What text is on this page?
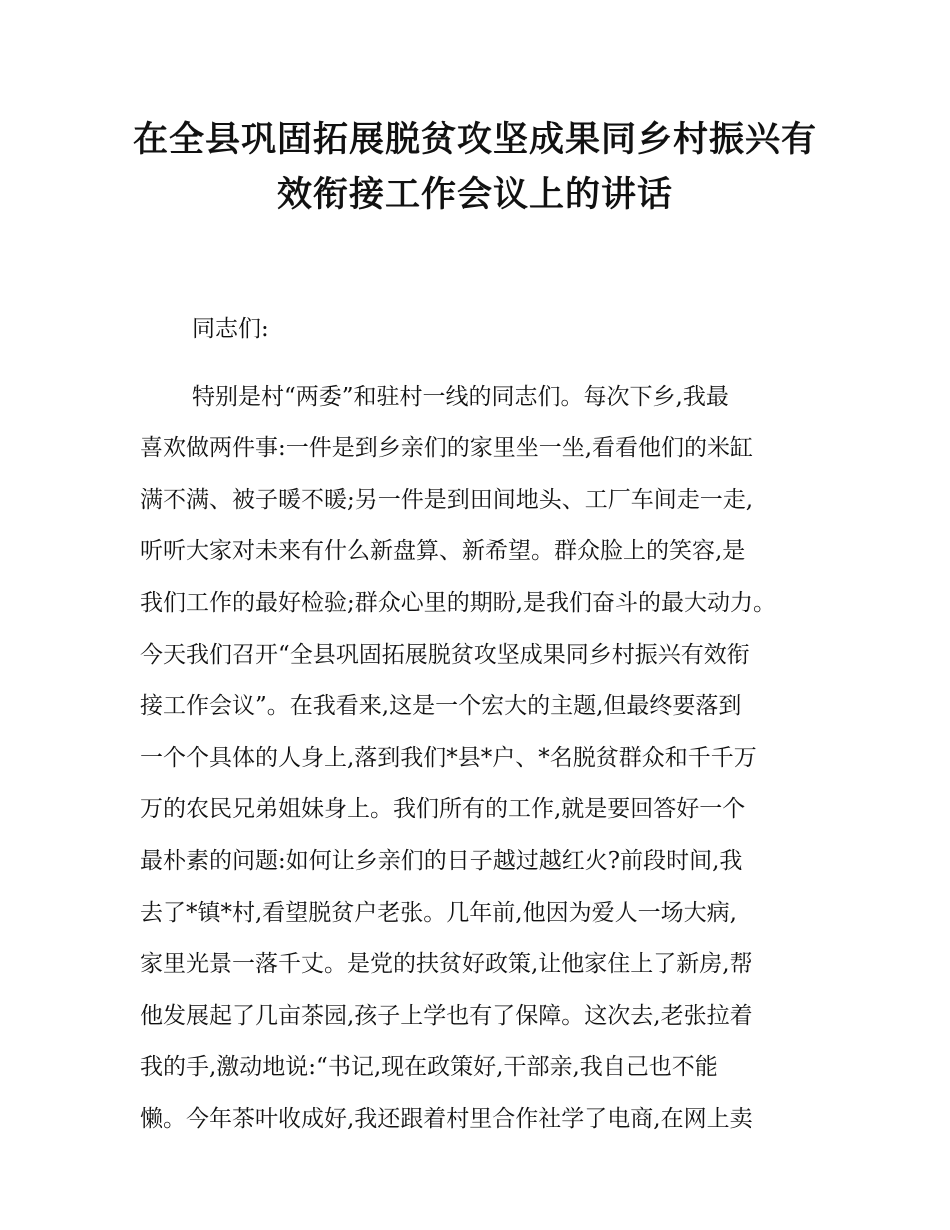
在全县巩固拓展脱贫攻坚成果同乡村振兴有
效衔接工作会议上的讲话
同志们:
特别是村“两委”和驻村一线的同志们。每次下乡,我最
喜欢做两件事:一件是到乡亲们的家里坐一坐,看看他们的米缸
满不满、被子暖不暖;另一件是到田间地头、工厂车间走一走,
听听大家对未来有什么新盘算、新希望。群众脸上的笑容,是
我们工作的最好检验;群众心里的期盼,是我们奋斗的最大动力。
今天我们召开“全县巩固拓展脱贫攻坚成果同乡村振兴有效衔
接工作会议”。在我看来,这是一个宏大的主题,但最终要落到
一个个具体的人身上,落到我们*县*户、*名脱贫群众和千千万
万的农民兄弟姐妹身上。我们所有的工作,就是要回答好一个
最朴素的问题:如何让乡亲们的日子越过越红火?前段时间,我
去了*镇*村,看望脱贫户老张。几年前,他因为爱人一场大病,
家里光景一落千丈。是党的扶贫好政策,让他家住上了新房,帮
他发展起了几亩茶园,孩子上学也有了保障。这次去,老张拉着
我的手,激动地说:“书记,现在政策好,干部亲,我自己也不能
懒。今年茶叶收成好,我还跟着村里合作社学了电商,在网上卖
